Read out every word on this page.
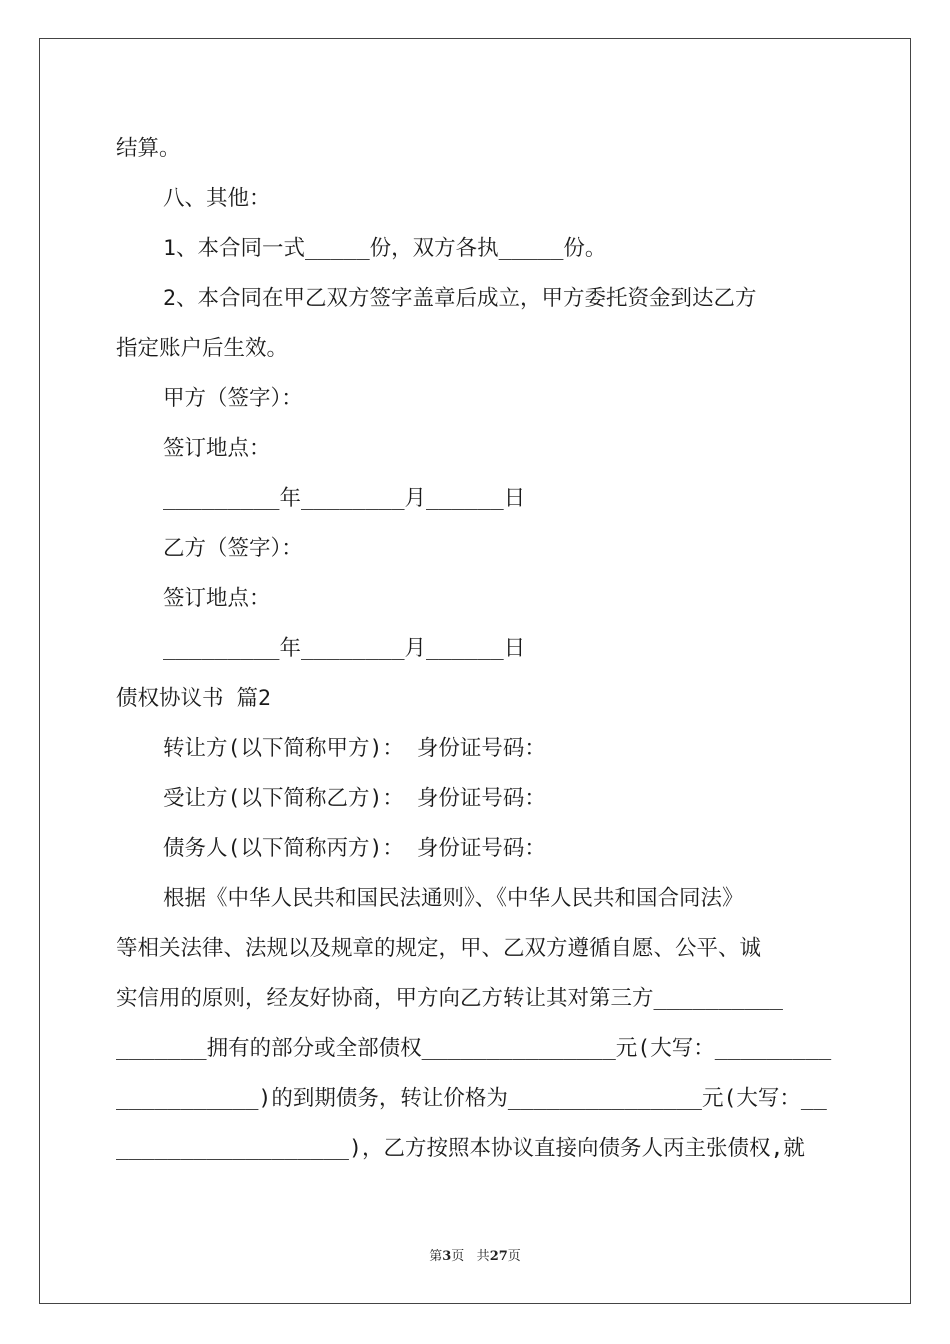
结算。

八、其他：

1、本合同一式_____份，双方各执_____份。

2、本合同在甲乙双方签字盖章后成立，甲方委托资金到达乙方

指定账户后生效。

甲方（签字）：

签订地点：

_________年________月______日

乙方（签字）：

签订地点：

_________年________月______日

债权协议书 篇2

转让方(以下简称甲方)： 身份证号码：

受让方(以下简称乙方)： 身份证号码：

债务人(以下简称丙方)： 身份证号码：

根据《中华人民共和国民法通则》、《中华人民共和国合同法》

等相关法律、法规以及规章的规定，甲、乙双方遵循自愿、公平、诚

实信用的原则，经友好协商，甲方向乙方转让其对第三方__________

_______拥有的部分或全部债权_______________元(大写：_________

___________)的到期债务，转让价格为_______________元(大写：__

__________________)，乙方按照本协议直接向债务人丙主张债权,就

第3页 共27页
